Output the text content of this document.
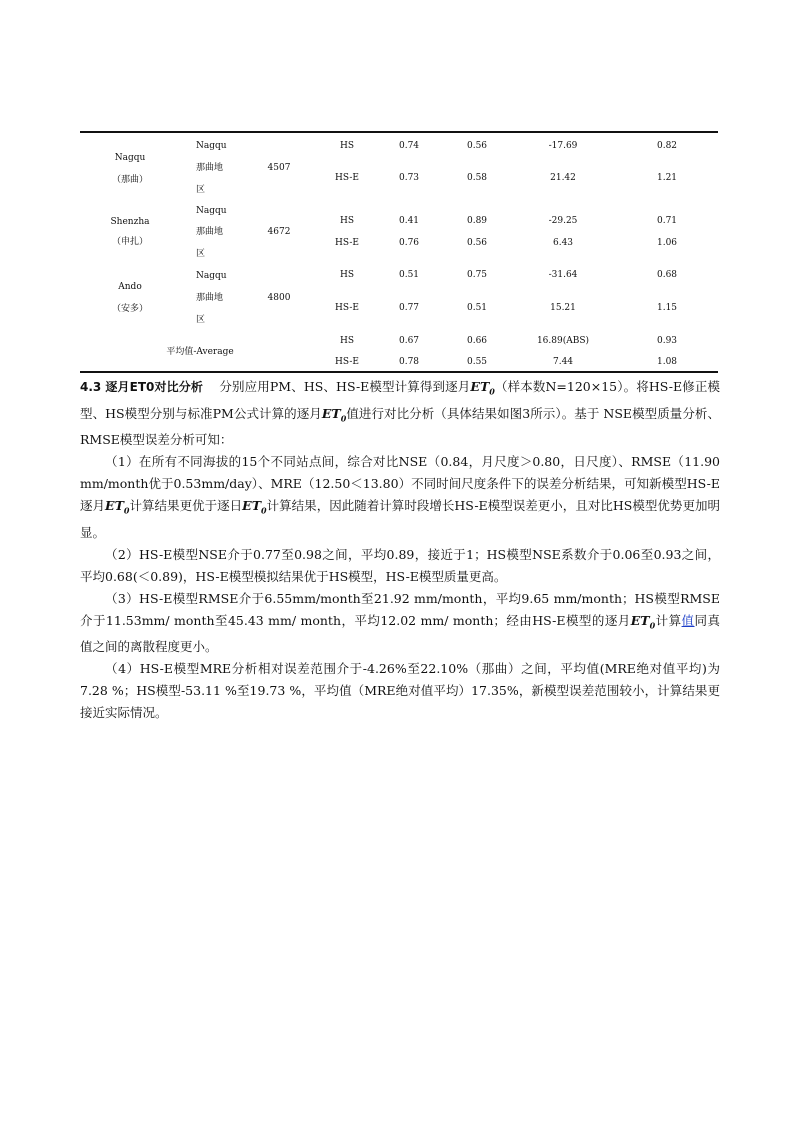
Nagqu
（那曲）
Nagqu
那曲地
区
4507
HS	0.74	0.56	-17.69	0.82
HS-E	0.73	0.58	21.42	1.21
Shenzha
（申扎）
Nagqu
那曲地
区
4672
HS	0.41	0.89	-29.25	0.71
HS-E	0.76	0.56	6.43	1.06
Ando
（安多）
Nagqu
那曲地
区
4800
HS	0.51	0.75	-31.64	0.68
HS-E	0.77	0.51	15.21	1.15
平均值-Average
HS	0.67	0.66	16.89(ABS)	0.93
HS-E	0.78	0.55	7.44	1.08

4.3 逐月ET0对比分析 分别应用PM、HS、HS-E模型计算得到逐月$ET_0$（样本数N=120×15）。将HS-E修正模型、HS模型分别与标准PM公式计算的逐月$ET_0$值进行对比分析（具体结果如图3所示）。基于 NSE模型质量分析、RMSE模型误差分析可知：

（1）在所有不同海拔的15个不同站点间，综合对比NSE（0.84，月尺度＞0.80，日尺度）、RMSE（11.90 mm/month优于0.53mm/day）、MRE（12.50＜13.80）不同时间尺度条件下的误差分析结果，可知新模型HS-E逐月$ET_0$计算结果更优于逐日$ET_0$计算结果，因此随着计算时段增长HS-E模型误差更小，且对比HS模型优势更加明显。

（2）HS-E模型NSE介于0.77至0.98之间，平均0.89，接近于1；HS模型NSE系数介于0.06至0.93之间，平均0.68(＜0.89)，HS-E模型模拟结果优于HS模型，HS-E模型质量更高。

（3）HS-E模型RMSE介于6.55mm/month至21.92 mm/month，平均9.65 mm/month；HS模型RMSE介于11.53mm/ month至45.43 mm/ month，平均12.02 mm/ month；经由HS-E模型的逐月$ET_0$计算值同真值之间的离散程度更小。

（4）HS-E模型MRE分析相对误差范围介于-4.26%至22.10%（那曲）之间，平均值(MRE绝对值平均)为7.28 %；HS模型-53.11 %至19.73 %，平均值（MRE绝对值平均）17.35%，新模型误差范围较小，计算结果更接近实际情况。
